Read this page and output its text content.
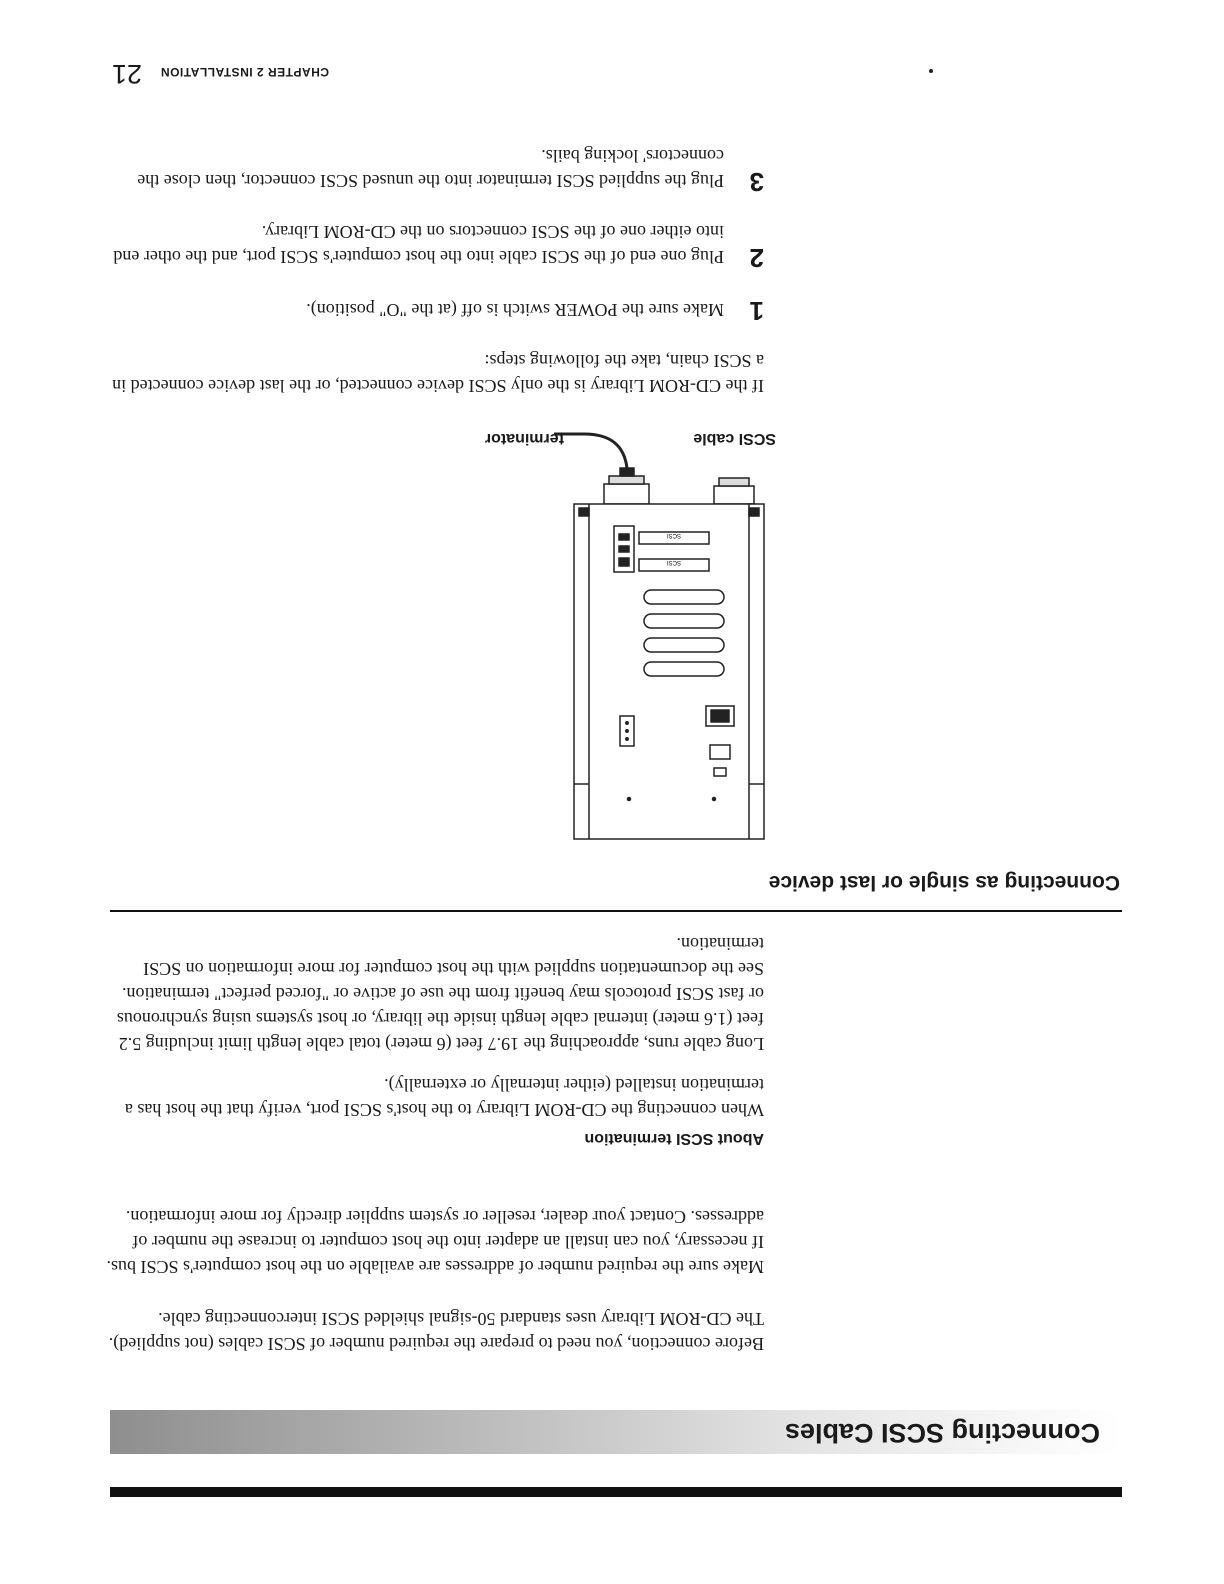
Connecting SCSI Cables

Before connection, you need to prepare the required number of SCSI cables (not supplied). The CD-ROM Library uses standard 50-signal shielded SCSI interconnecting cable.

Make sure the required number of addresses are available on the host computer's SCSI bus. If necessary, you can install an adapter into the host computer to increase the number of addresses. Contact your dealer, reseller or system supplier directly for more information.

About SCSI termination

When connecting the CD-ROM Library to the host's SCSI port, verify that the host has a termination installed (either internally or externally).

Long cable runs, approaching the 19.7 feet (6 meter) total cable length limit including 5.2 feet (1.6 meter) internal cable length inside the library, or host systems using synchronous or fast SCSI protocols may benefit from the use of active or "forced perfect" termination. See the documentation supplied with the host computer for more information on SCSI termination.

Connecting as single or last device
SCSI
SCSI
terminator	SCSI cable

If the CD-ROM Library is the only SCSI device connected, or the last device connected in a SCSI chain, take the following steps:

1

Make sure the POWER switch is off (at the "O" position).

2

Plug one end of the SCSI cable into the host computer's SCSI port, and the other end into either one of the SCSI connectors on the CD-ROM Library.

3

Plug the supplied SCSI terminator into the unused SCSI connector, then close the connectors' locking bails.

CHAPTER 2 INSTALLATION
21
